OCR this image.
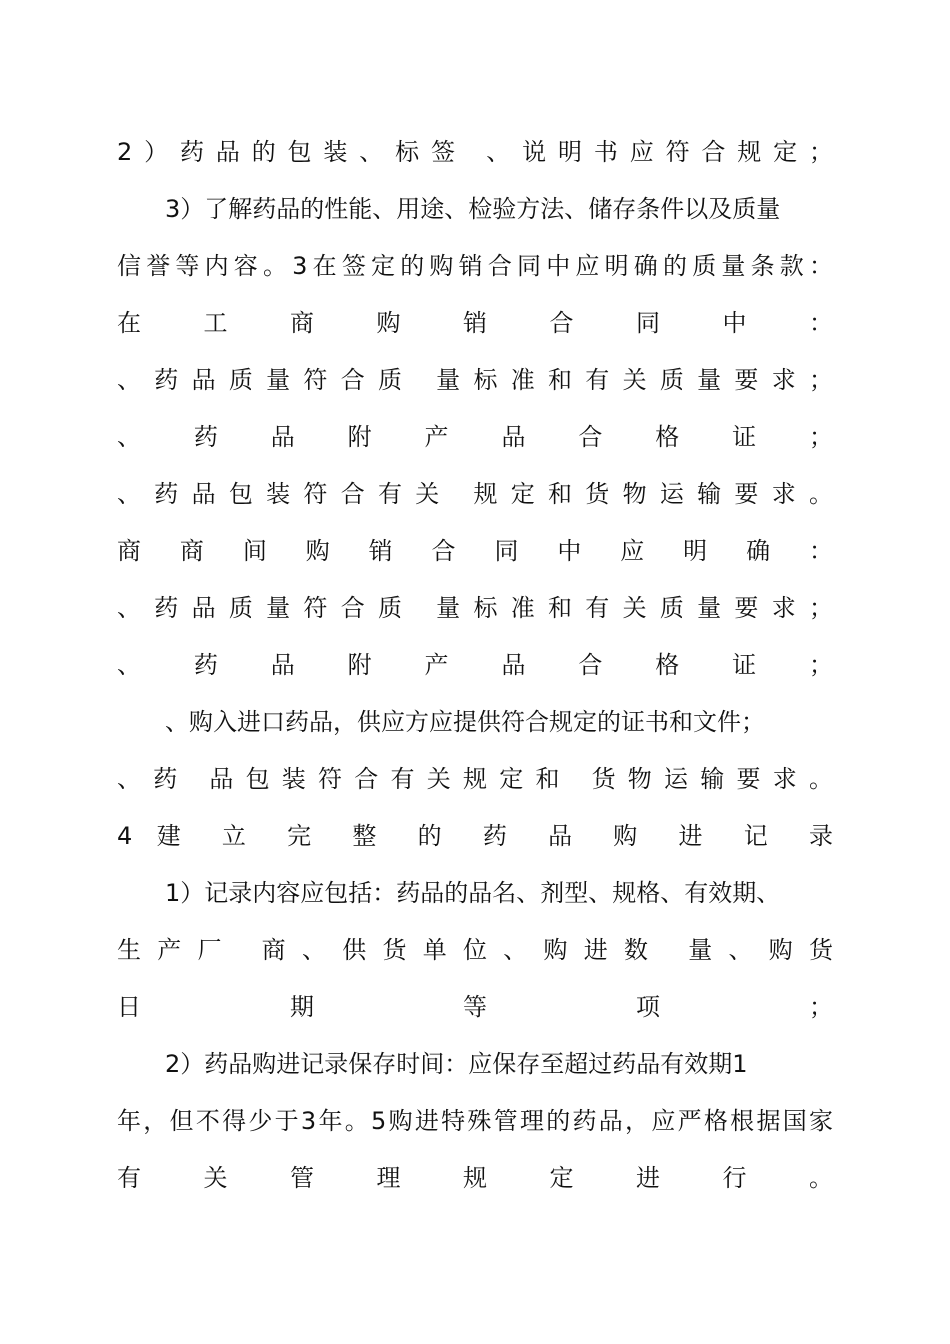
2）药品的包装、标签 、说明书应符合规定；
3）了解药品的性能、用途、检验方法、储存条件以及质量
信誉等内容。3在签定的购销合同中应明确的质量条款：
在 工 商 购 销 合 同 中 ：
、药品质量符合质 量标准和有关质量要求；
、 药 品 附 产 品 合 格 证 ；
、药品包装符合有关 规定和货物运输要求。
商 商 间 购 销 合 同 中 应 明 确 ：
、药品质量符合质 量标准和有关质量要求；
、 药 品 附 产 品 合 格 证 ；
、购入进口药品，供应方应提供符合规定的证书和文件；
、药 品包装符合有关规定和 货物运输要求。
4 建 立 完 整 的 药 品 购 进 记 录
1）记录内容应包括：药品的品名、剂型、规格、有效期、
生产厂 商、供货单位、购进数 量、购货
日 期 等 项 ；
2）药品购进记录保存时间：应保存至超过药品有效期1
年，但不得少于3年。5购进特殊管理的药品，应严格根据国家
有 关 管 理 规 定 进 行 。
